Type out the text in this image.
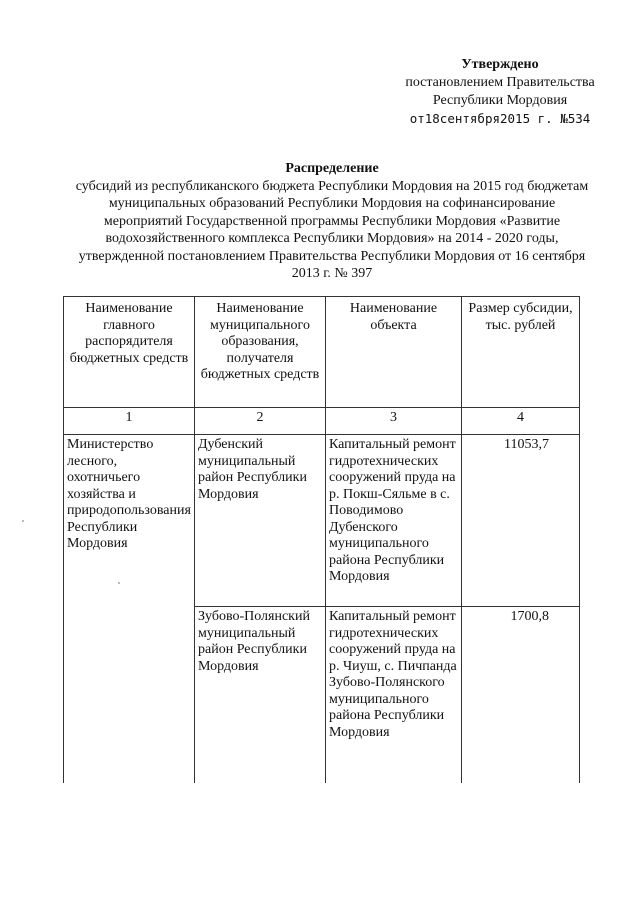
Утверждено
постановлением Правительства
Республики Мордовия
от18сентября2015 г. №534
Распределение
субсидий из республиканского бюджета Республики Мордовия на 2015 год бюджетам муниципальных образований Республики Мордовия на софинансирование мероприятий Государственной программы Республики Мордовия «Развитие водохозяйственного комплекса Республики Мордовия» на 2014 - 2020 годы, утвержденной постановлением Правительства Республики Мордовия от 16 сентября 2013 г. № 397
Наименование главного распорядителя бюджетных средств	Наименование муниципального образования, получателя бюджетных средств	Наименование объекта	Размер субсидии, тыс. рублей
1	2	3	4
Министерство лесного, охотничьего хозяйства и природопользования Республики Мордовия	Дубенский муниципальный район Республики Мордовия	Капитальный ремонт гидротехнических сооружений пруда на р. Покш-Сяльме в с. Поводимово Дубенского муниципального района Республики Мордовия	11053,7
	Зубово-Полянский муниципальный район Республики Мордовия	Капитальный ремонт гидротехнических сооружений пруда на р. Чиуш, с. Пичпанда Зубово-Полянского муниципального района Республики Мордовия	1700,8
